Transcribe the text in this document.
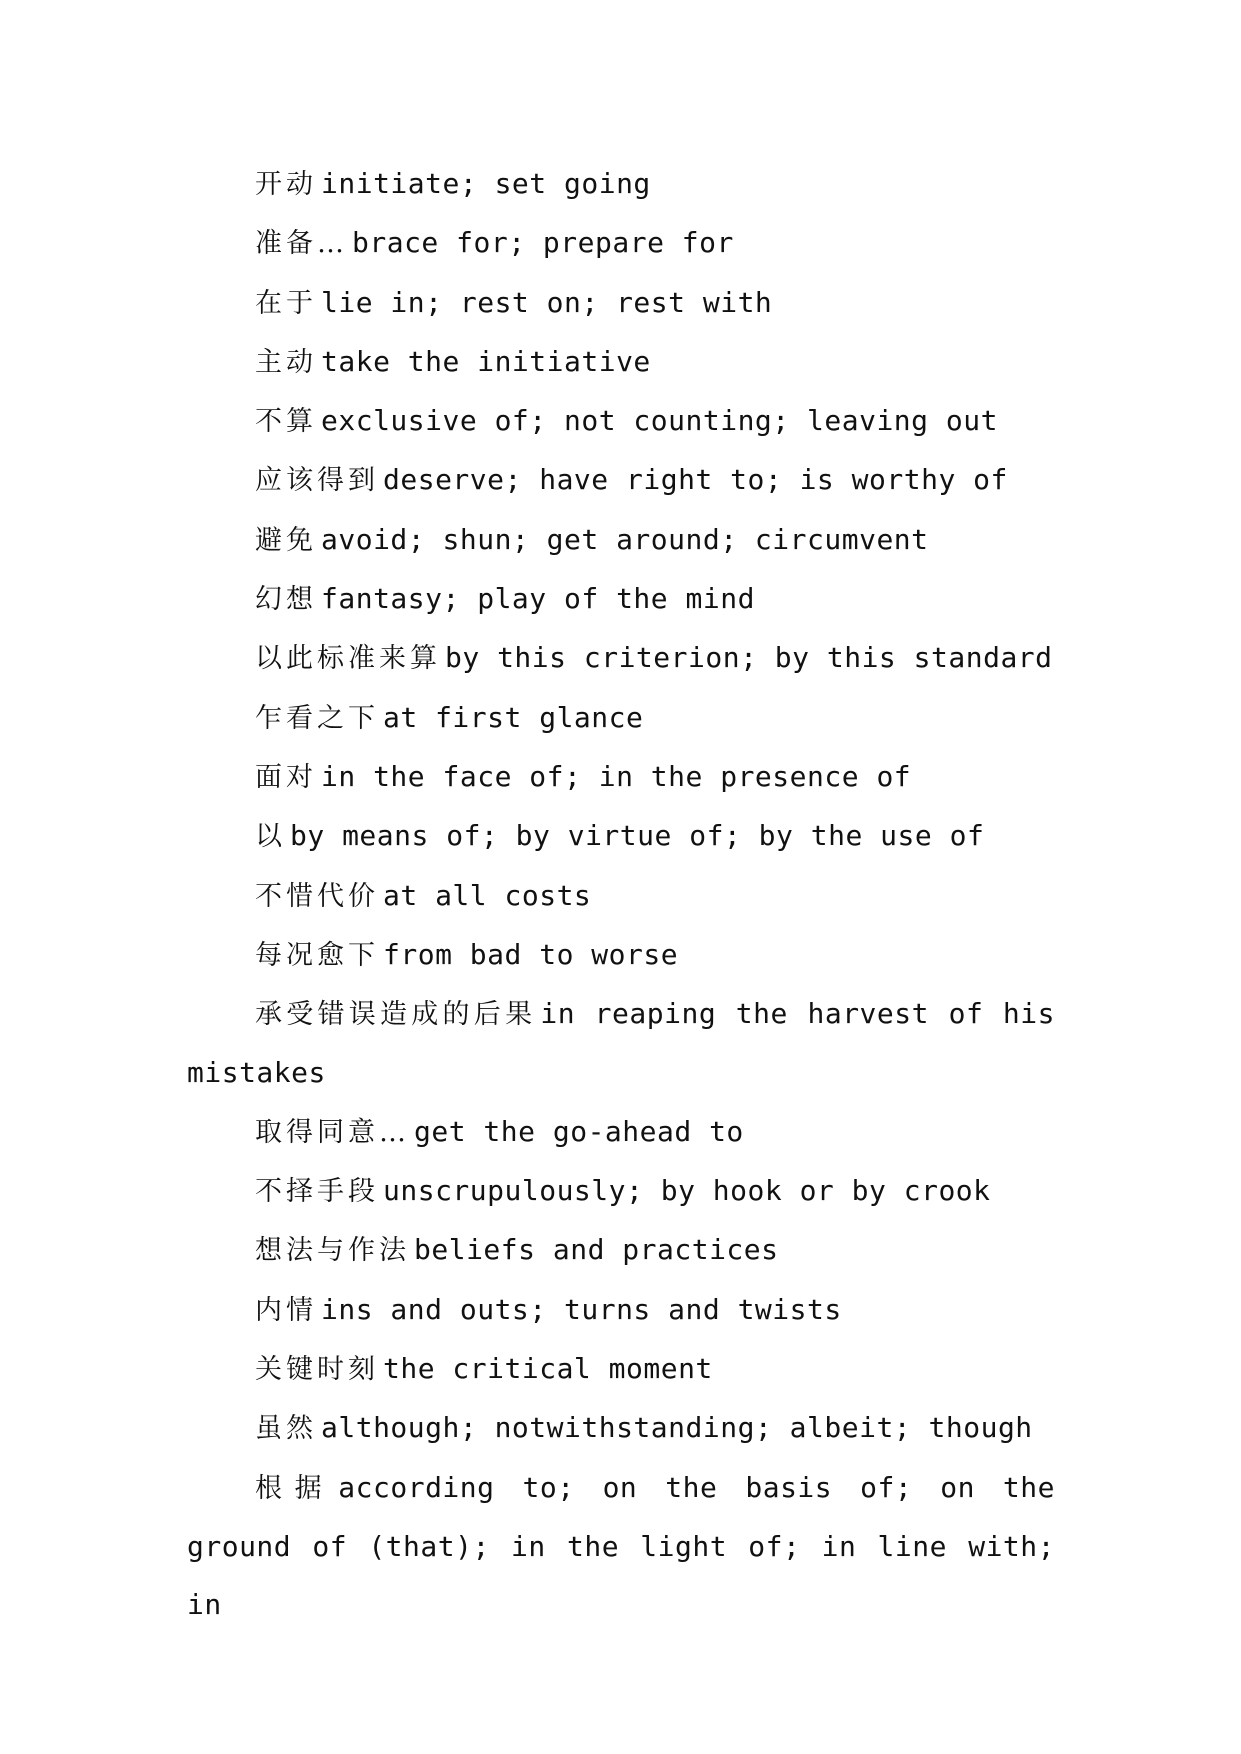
开动 initiate; set going

准备… brace for; prepare for

在于 lie in; rest on; rest with

主动 take the initiative

不算 exclusive of; not counting; leaving out

应该得到 deserve; have right to; is worthy of

避免 avoid; shun; get around; circumvent

幻想 fantasy; play of the mind

以此标准来算 by this criterion; by this standard

乍看之下 at first glance

面对 in the face of; in the presence of

以 by means of; by virtue of; by the use of

不惜代价 at all costs

每况愈下 from bad to worse

承受错误造成的后果 in reaping the harvest of his mistakes

取得同意… get the go-ahead to

不择手段 unscrupulously; by hook or by crook

想法与作法 beliefs and practices

内情 ins and outs; turns and twists

关键时刻 the critical moment

虽然 although; notwithstanding; albeit; though

根据 according to; on the basis of; on the ground of (that); in the light of; in line with; in
